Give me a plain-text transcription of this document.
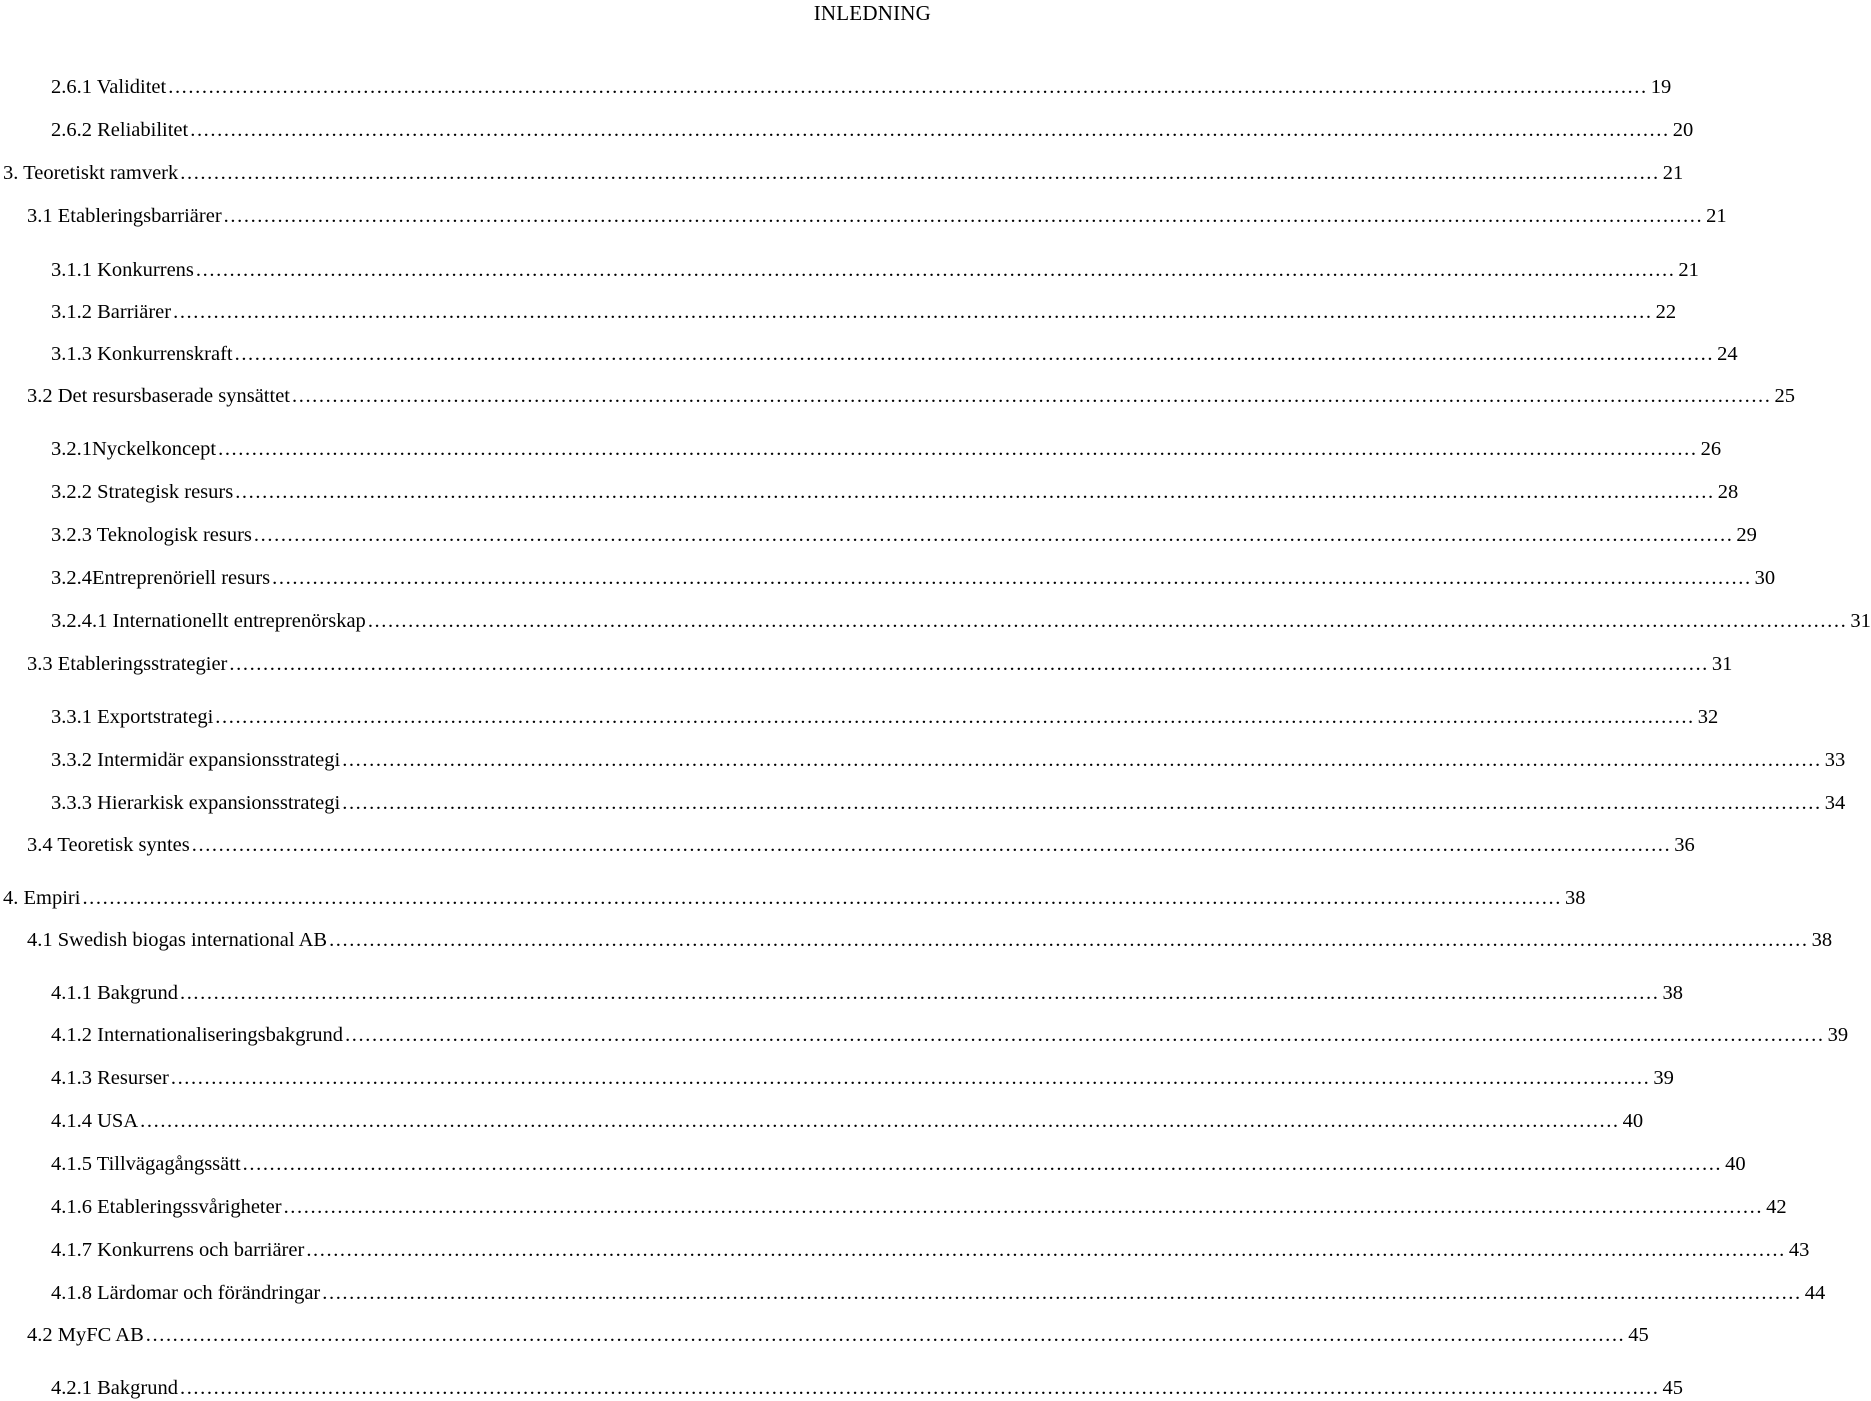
INLEDNING
2.6.1 Validitet ............................................................................................................................................................................................................................ 19
2.6.2 Reliabilitet ............................................................................................................................................................................................................................ 20
3. Teoretiskt ramverk ............................................................................................................................................................................................................................ 21
3.1 Etableringsbarriärer ............................................................................................................................................................................................................................ 21
3.1.1 Konkurrens ............................................................................................................................................................................................................................ 21
3.1.2 Barriärer ............................................................................................................................................................................................................................ 22
3.1.3 Konkurrenskraft ............................................................................................................................................................................................................................ 24
3.2 Det resursbaserade synsättet ............................................................................................................................................................................................................................ 25
3.2.1Nyckelkoncept ............................................................................................................................................................................................................................ 26
3.2.2 Strategisk resurs ............................................................................................................................................................................................................................ 28
3.2.3 Teknologisk resurs ............................................................................................................................................................................................................................ 29
3.2.4Entreprenöriell resurs ............................................................................................................................................................................................................................ 30
3.2.4.1 Internationellt entreprenörskap ............................................................................................................................................................................................................................ 31
3.3 Etableringsstrategier ............................................................................................................................................................................................................................ 31
3.3.1 Exportstrategi ............................................................................................................................................................................................................................ 32
3.3.2 Intermidär expansionsstrategi ............................................................................................................................................................................................................................ 33
3.3.3 Hierarkisk expansionsstrategi ............................................................................................................................................................................................................................ 34
3.4 Teoretisk syntes ............................................................................................................................................................................................................................ 36
4. Empiri ............................................................................................................................................................................................................................ 38
4.1 Swedish biogas international AB ............................................................................................................................................................................................................................ 38
4.1.1 Bakgrund ............................................................................................................................................................................................................................ 38
4.1.2 Internationaliseringsbakgrund ............................................................................................................................................................................................................................ 39
4.1.3 Resurser ............................................................................................................................................................................................................................ 39
4.1.4 USA ............................................................................................................................................................................................................................ 40
4.1.5 Tillvägagångssätt ............................................................................................................................................................................................................................ 40
4.1.6 Etableringssvårigheter ............................................................................................................................................................................................................................ 42
4.1.7 Konkurrens och barriärer ............................................................................................................................................................................................................................ 43
4.1.8 Lärdomar och förändringar ............................................................................................................................................................................................................................ 44
4.2 MyFC AB ............................................................................................................................................................................................................................ 45
4.2.1 Bakgrund ............................................................................................................................................................................................................................ 45
